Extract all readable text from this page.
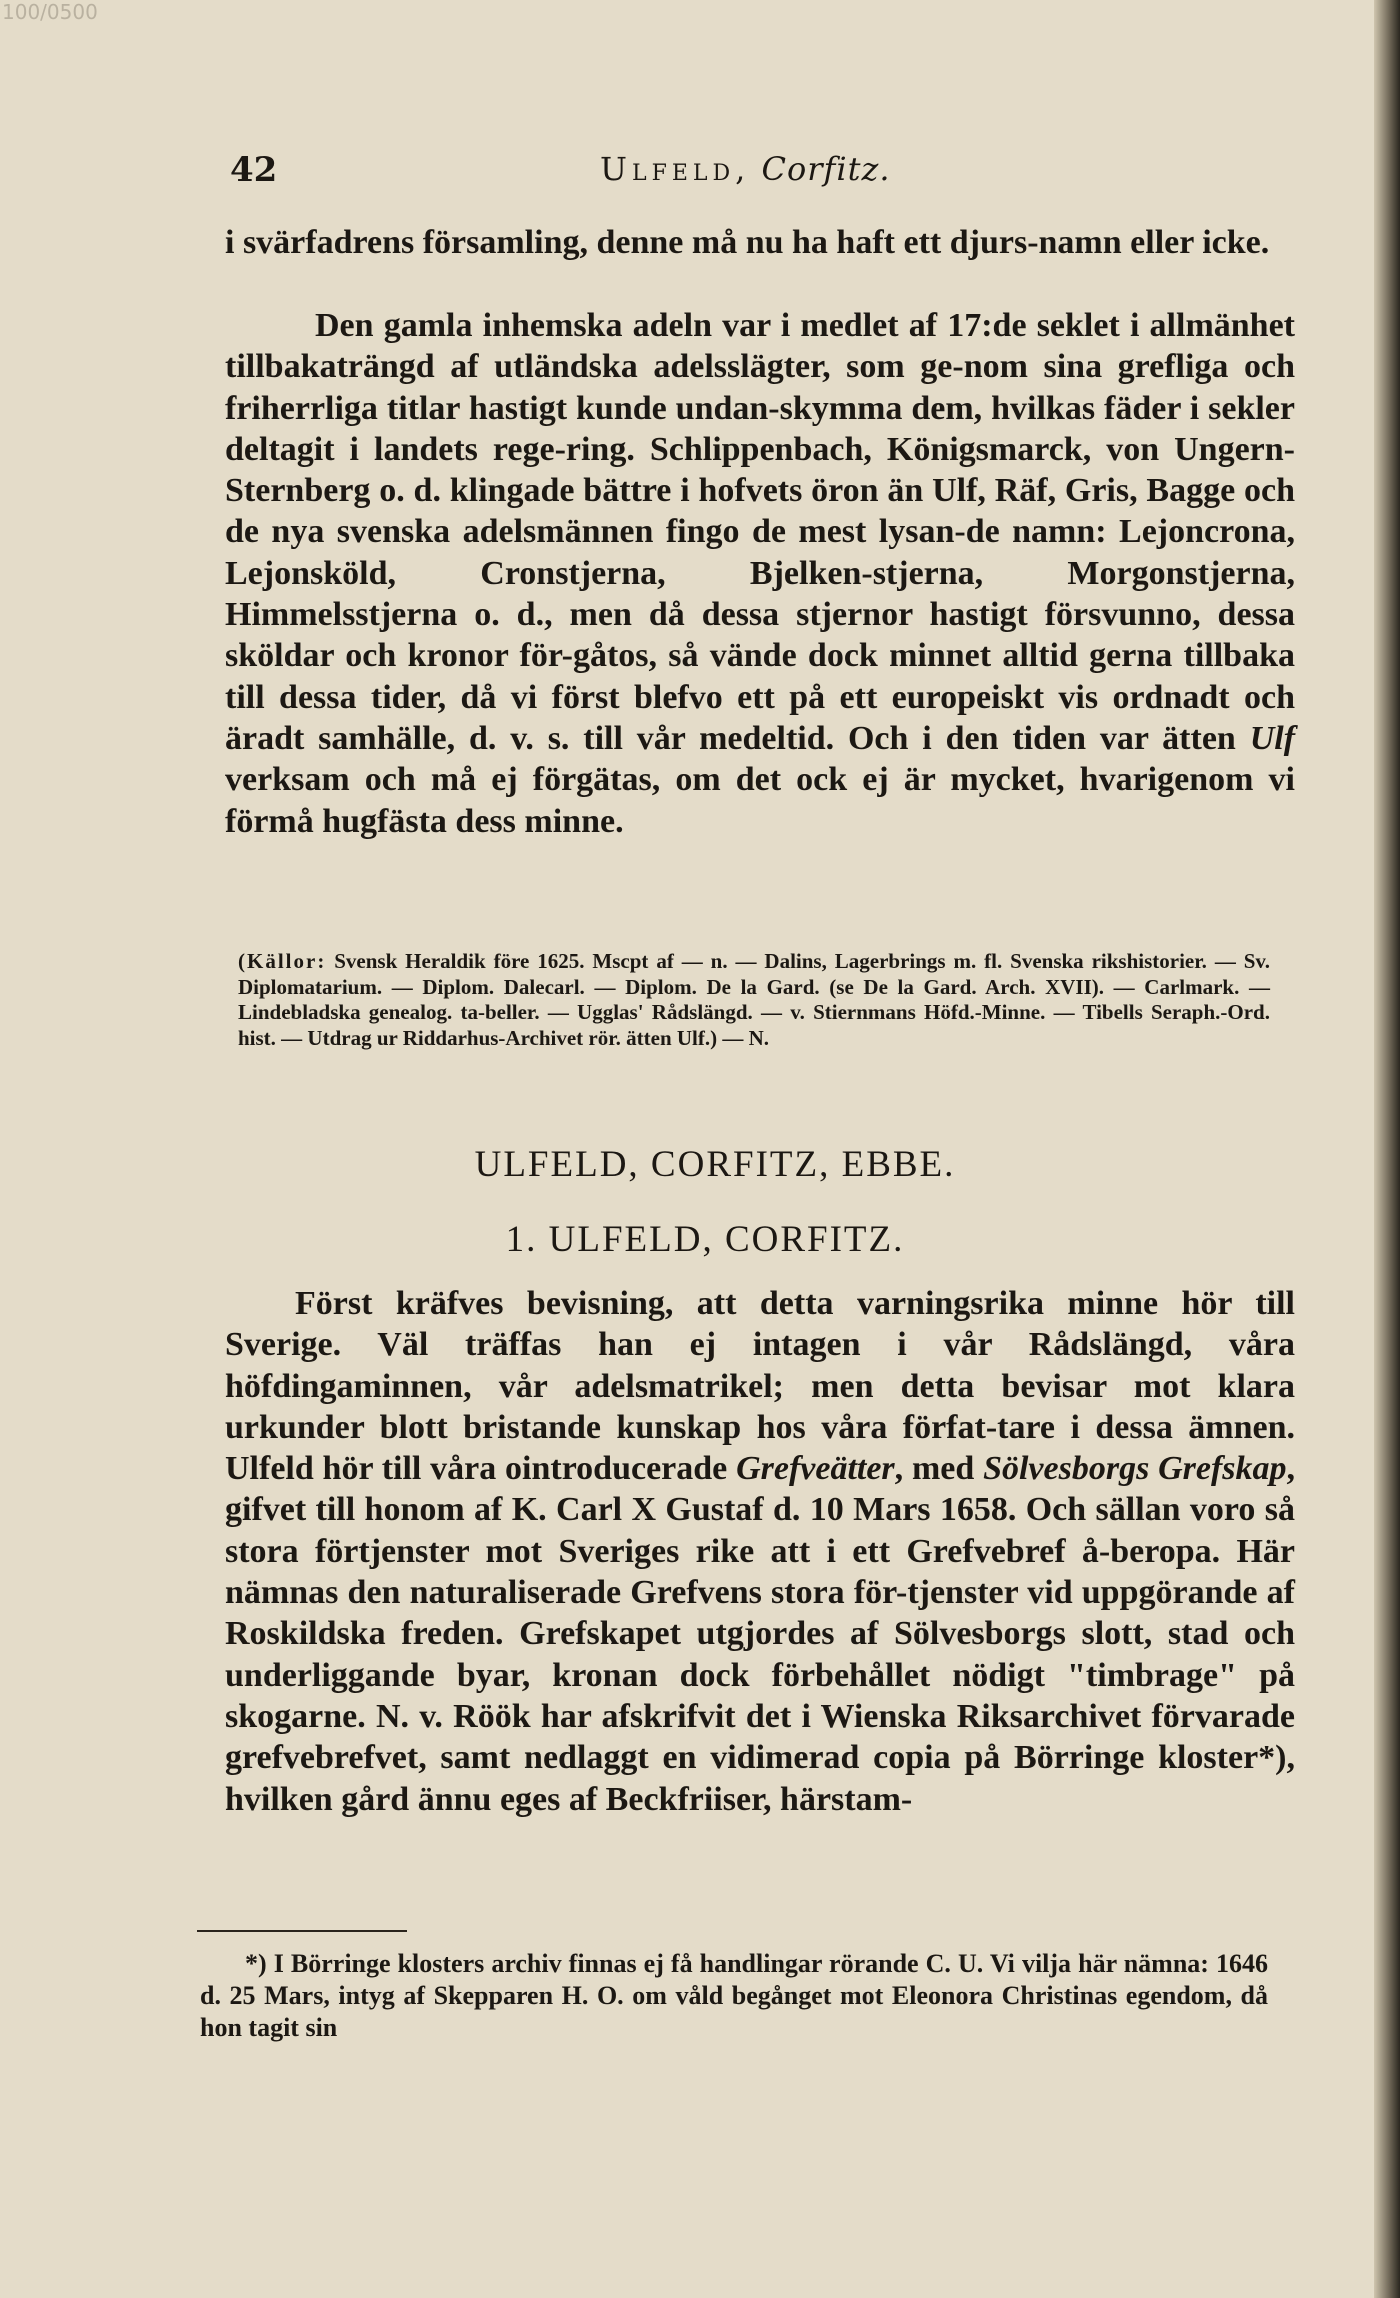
100/0500
42	Ulfeld, Corfitz.

i svärfadrens församling, denne må nu ha haft ett djurs-namn eller icke.

Den gamla inhemska adeln var i medlet af 17:de seklet i allmänhet tillbakaträngd af utländska adelsslägter, som ge-nom sina grefliga och friherrliga titlar hastigt kunde undan-skymma dem, hvilkas fäder i sekler deltagit i landets rege-ring. Schlippenbach, Königsmarck, von Ungern-Sternberg o. d. klingade bättre i hofvets öron än Ulf, Räf, Gris, Bagge och de nya svenska adelsmännen fingo de mest lysan-de namn: Lejoncrona, Lejonsköld, Cronstjerna, Bjelken-stjerna, Morgonstjerna, Himmelsstjerna o. d., men då dessa stjernor hastigt försvunno, dessa sköldar och kronor för-gåtos, så vände dock minnet alltid gerna tillbaka till dessa tider, då vi först blefvo ett på ett europeiskt vis ordnadt och äradt samhälle, d. v. s. till vår medeltid. Och i den tiden var ätten Ulf verksam och må ej förgätas, om det ock ej är mycket, hvarigenom vi förmå hugfästa dess minne.

(Källor: Svensk Heraldik före 1625. Mscpt af — n. — Dalins, Lagerbrings m. fl. Svenska rikshistorier. — Sv. Diplomatarium. — Diplom. Dalecarl. — Diplom. De la Gard. (se De la Gard. Arch. XVII). — Carlmark. — Lindebladska genealog. ta-beller. — Ugglas' Rådslängd. — v. Stiernmans Höfd.-Minne. — Tibells Seraph.-Ord. hist. — Utdrag ur Riddarhus-Archivet rör. ätten Ulf.) — N.

ULFELD, CORFITZ, EBBE.
1. ULFELD, CORFITZ.

Först kräfves bevisning, att detta varningsrika minne hör till Sverige. Väl träffas han ej intagen i vår Rådslängd, våra höfdingaminnen, vår adelsmatrikel; men detta bevisar mot klara urkunder blott bristande kunskap hos våra förfat-tare i dessa ämnen. Ulfeld hör till våra ointroducerade Grefveätter, med Sölvesborgs Grefskap, gifvet till honom af K. Carl X Gustaf d. 10 Mars 1658. Och sällan voro så stora förtjenster mot Sveriges rike att i ett Grefvebref å-beropa. Här nämnas den naturaliserade Grefvens stora för-tjenster vid uppgörande af Roskildska freden. Grefskapet utgjordes af Sölvesborgs slott, stad och underliggande byar, kronan dock förbehållet nödigt "timbrage" på skogarne. N. v. Röök har afskrifvit det i Wienska Riksarchivet förvarade grefvebrefvet, samt nedlaggt en vidimerad copia på Börringe kloster*), hvilken gård ännu eges af Beckfriiser, härstam-

*) I Börringe klosters archiv finnas ej få handlingar rörande C. U. Vi vilja här nämna: 1646 d. 25 Mars, intyg af Skepparen H. O. om våld begånget mot Eleonora Christinas egendom, då hon tagit sin
